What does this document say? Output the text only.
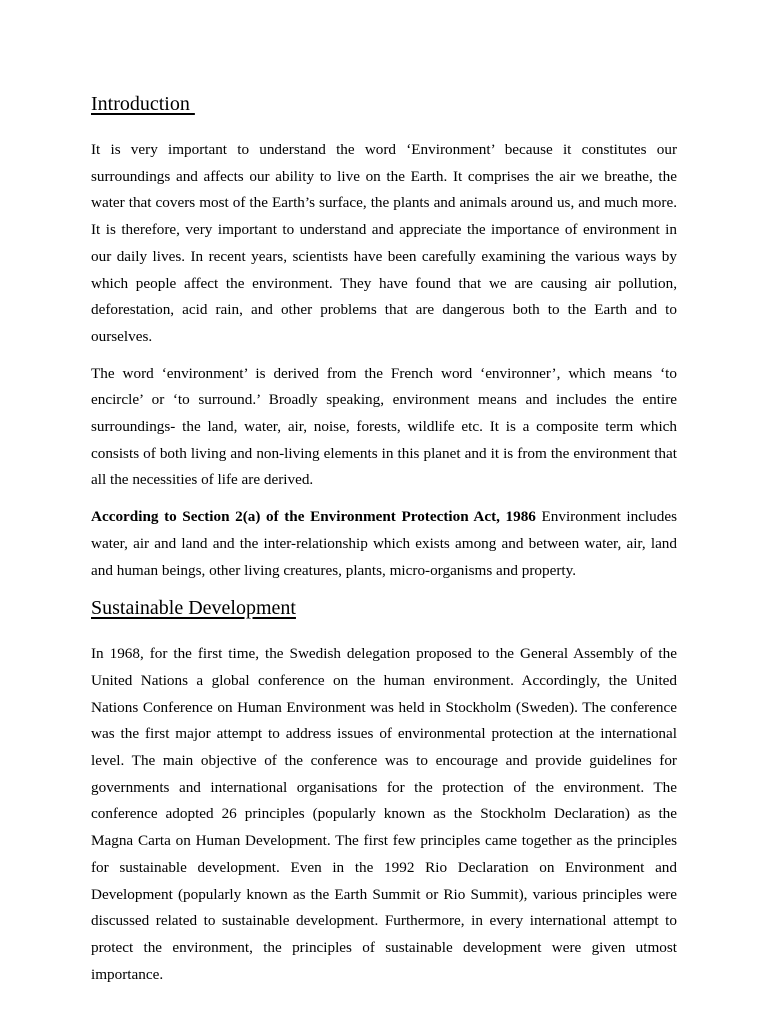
Introduction

It is very important to understand the word ‘Environment’ because it constitutes our surroundings and affects our ability to live on the Earth. It comprises the air we breathe, the water that covers most of the Earth’s surface, the plants and animals around us, and much more. It is therefore, very important to understand and appreciate the importance of environment in our daily lives. In recent years, scientists have been carefully examining the various ways by which people affect the environment. They have found that we are causing air pollution, deforestation, acid rain, and other problems that are dangerous both to the Earth and to ourselves.

The word ‘environment’ is derived from the French word ‘environner’, which means ‘to encircle’ or ‘to surround.’ Broadly speaking, environment means and includes the entire surroundings- the land, water, air, noise, forests, wildlife etc. It is a composite term which consists of both living and non-living elements in this planet and it is from the environment that all the necessities of life are derived.

According to Section 2(a) of the Environment Protection Act, 1986 Environment includes water, air and land and the inter-relationship which exists among and between water, air, land and human beings, other living creatures, plants, micro-organisms and property.

Sustainable Development

In 1968, for the first time, the Swedish delegation proposed to the General Assembly of the United Nations a global conference on the human environment. Accordingly, the United Nations Conference on Human Environment was held in Stockholm (Sweden). The conference was the first major attempt to address issues of environmental protection at the international level. The main objective of the conference was to encourage and provide guidelines for governments and international organisations for the protection of the environment. The conference adopted 26 principles (popularly known as the Stockholm Declaration) as the Magna Carta on Human Development. The first few principles came together as the principles for sustainable development. Even in the 1992 Rio Declaration on Environment and Development (popularly known as the Earth Summit or Rio Summit), various principles were discussed related to sustainable development. Furthermore, in every international attempt to protect the environment, the principles of sustainable development were given utmost importance.
